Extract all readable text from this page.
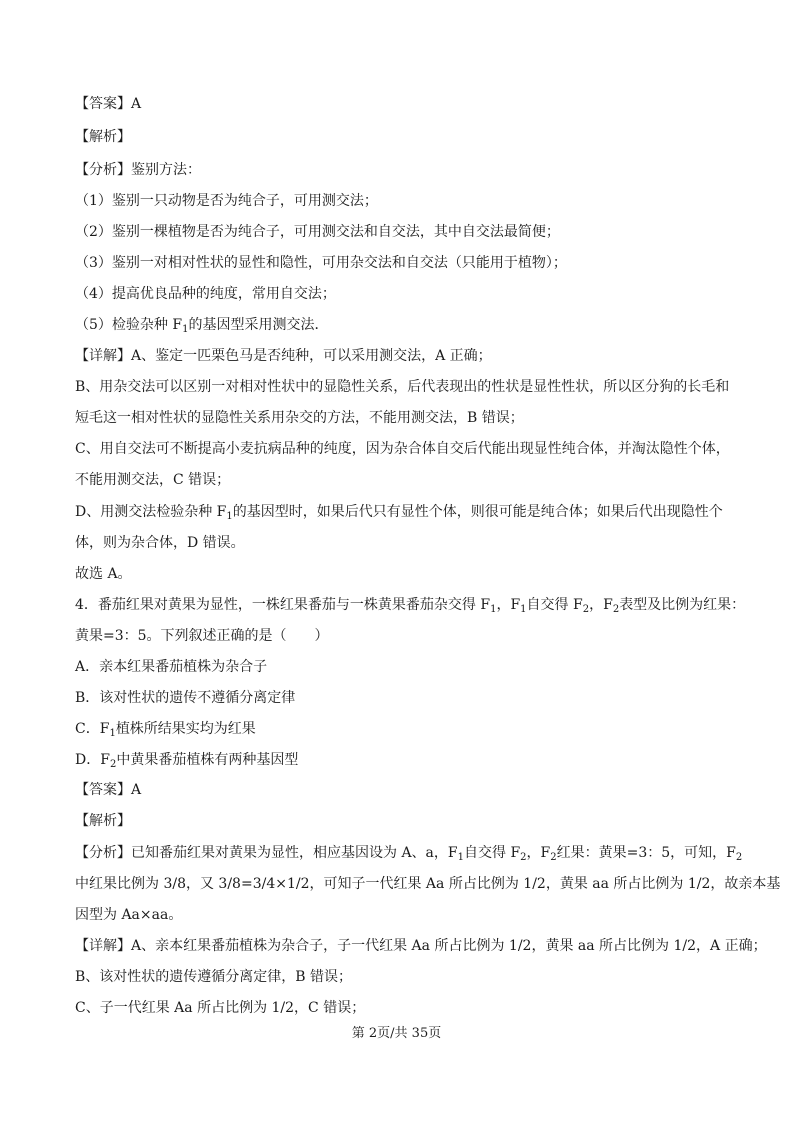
【答案】A
【解析】
【分析】鉴别方法：
（1）鉴别一只动物是否为纯合子，可用测交法；
（2）鉴别一棵植物是否为纯合子，可用测交法和自交法，其中自交法最简便；
（3）鉴别一对相对性状的显性和隐性，可用杂交法和自交法（只能用于植物）；
（4）提高优良品种的纯度，常用自交法；
（5）检验杂种 $F_1$的基因型采用测交法．
【详解】A、鉴定一匹栗色马是否纯种，可以采用测交法，A 正确；
B、用杂交法可以区别一对相对性状中的显隐性关系，后代表现出的性状是显性性状，所以区分狗的长毛和
短毛这一相对性状的显隐性关系用杂交的方法，不能用测交法，B 错误；
C、用自交法可不断提高小麦抗病品种的纯度，因为杂合体自交后代能出现显性纯合体，并淘汰隐性个体，
不能用测交法，C 错误；
D、用测交法检验杂种 $F_1$的基因型时，如果后代只有显性个体，则很可能是纯合体；如果后代出现隐性个
体，则为杂合体，D 错误。
故选 A。
4．番茄红果对黄果为显性，一株红果番茄与一株黄果番茄杂交得 $F_1$，$F_1$自交得 $F_2$，$F_2$表型及比例为红果：
黄果=3：5。下列叙述正确的是（　　）
A．亲本红果番茄植株为杂合子
B．该对性状的遗传不遵循分离定律
C．$F_1$植株所结果实均为红果
D．$F_2$中黄果番茄植株有两种基因型
【答案】A
【解析】
【分析】已知番茄红果对黄果为显性，相应基因设为 A、a，$F_1$自交得 $F_2$，$F_2$红果：黄果=3：5，可知，$F_2$
中红果比例为 3/8，又 3/8=3/4×1/2，可知子一代红果 Aa 所占比例为 1/2，黄果 aa 所占比例为 1/2，故亲本基
因型为 Aa×aa。
【详解】A、亲本红果番茄植株为杂合子，子一代红果 Aa 所占比例为 1/2，黄果 aa 所占比例为 1/2，A 正确；
B、该对性状的遗传遵循分离定律，B 错误；
C、子一代红果 Aa 所占比例为 1/2，C 错误；
第 2页/共 35页
